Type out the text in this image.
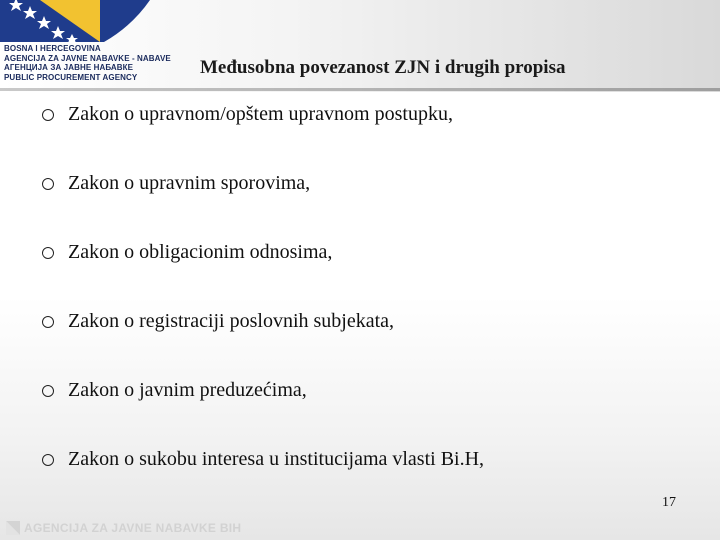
BOSNA I HERCEGOVINA
AGENCIJA ZA JAVNE NABAVKE - NABAVE
АГЕНЦИЈА ЗА ЈАВНЕ НАБАВКЕ
PUBLIC PROCUREMENT AGENCY	Međusobna povezanost ZJN i drugih propisa
Zakon o upravnom/opštem upravnom postupku,
Zakon o upravnim sporovima,
Zakon o obligacionim odnosima,
Zakon o registraciji poslovnih subjekata,
Zakon o javnim preduzećima,
Zakon o sukobu interesa u institucijama vlasti Bi.H,
17
AGENCIJA ZA JAVNE NABAVKE BIH
